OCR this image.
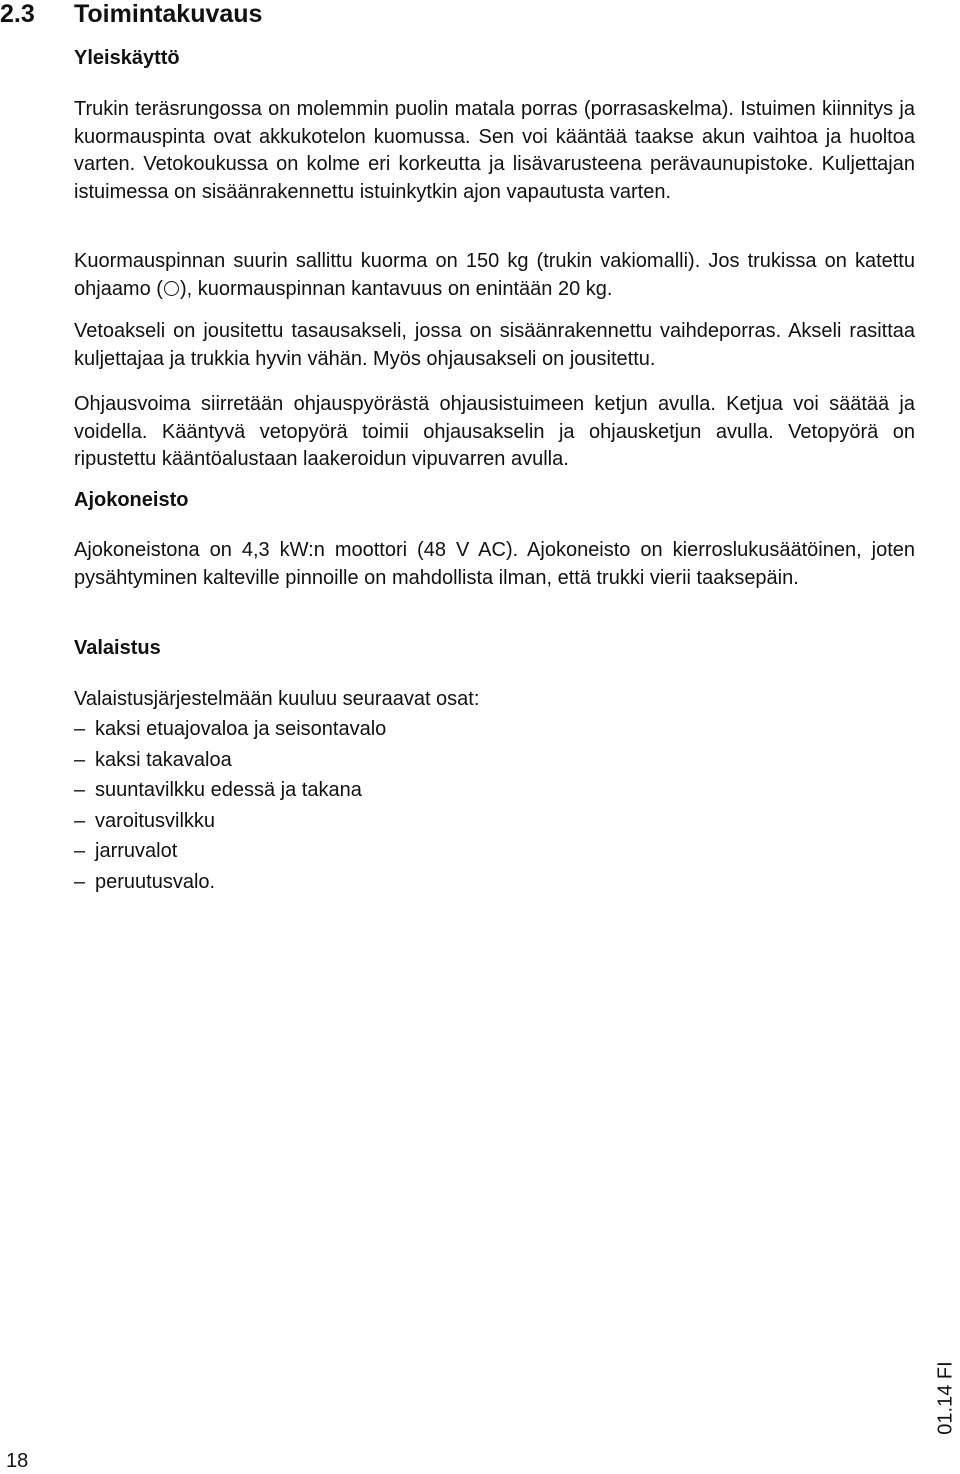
2.3 Toimintakuvaus
Yleiskäyttö

Trukin teräsrungossa on molemmin puolin matala porras (porrasaskelma). Istuimen kiinnitys ja kuormauspinta ovat akkukotelon kuomussa. Sen voi kääntää taakse akun vaihtoa ja huoltoa varten. Vetokoukussa on kolme eri korkeutta ja lisävarusteena perävaunupistoke. Kuljettajan istuimessa on sisäänrakennettu istuinkytkin ajon vapautusta varten.

Kuormauspinnan suurin sallittu kuorma on 150 kg (trukin vakiomalli). Jos trukissa on katettu ohjaamo ( ), kuormauspinnan kantavuus on enintään 20 kg.

Vetoakseli on jousitettu tasausakseli, jossa on sisäänrakennettu vaihdeporras. Akseli rasittaa kuljettajaa ja trukkia hyvin vähän. Myös ohjausakseli on jousitettu.

Ohjausvoima siirretään ohjauspyörästä ohjausistuimeen ketjun avulla. Ketjua voi säätää ja voidella. Kääntyvä vetopyörä toimii ohjausakselin ja ohjausketjun avulla. Vetopyörä on ripustettu kääntöalustaan laakeroidun vipuvarren avulla.

Ajokoneisto

Ajokoneistona on 4,3 kW:n moottori (48 V AC). Ajokoneisto on kierroslukusäätöinen, joten pysähtyminen kalteville pinnoille on mahdollista ilman, että trukki vierii taaksepäin.

Valaistus

Valaistusjärjestelmään kuuluu seuraavat osat:

– kaksi etuajovaloa ja seisontavalo
– kaksi takavaloa
– suuntavilkku edessä ja takana
– varoitusvilkku
– jarruvalot
– peruutusvalo.
18
01.14 FI
